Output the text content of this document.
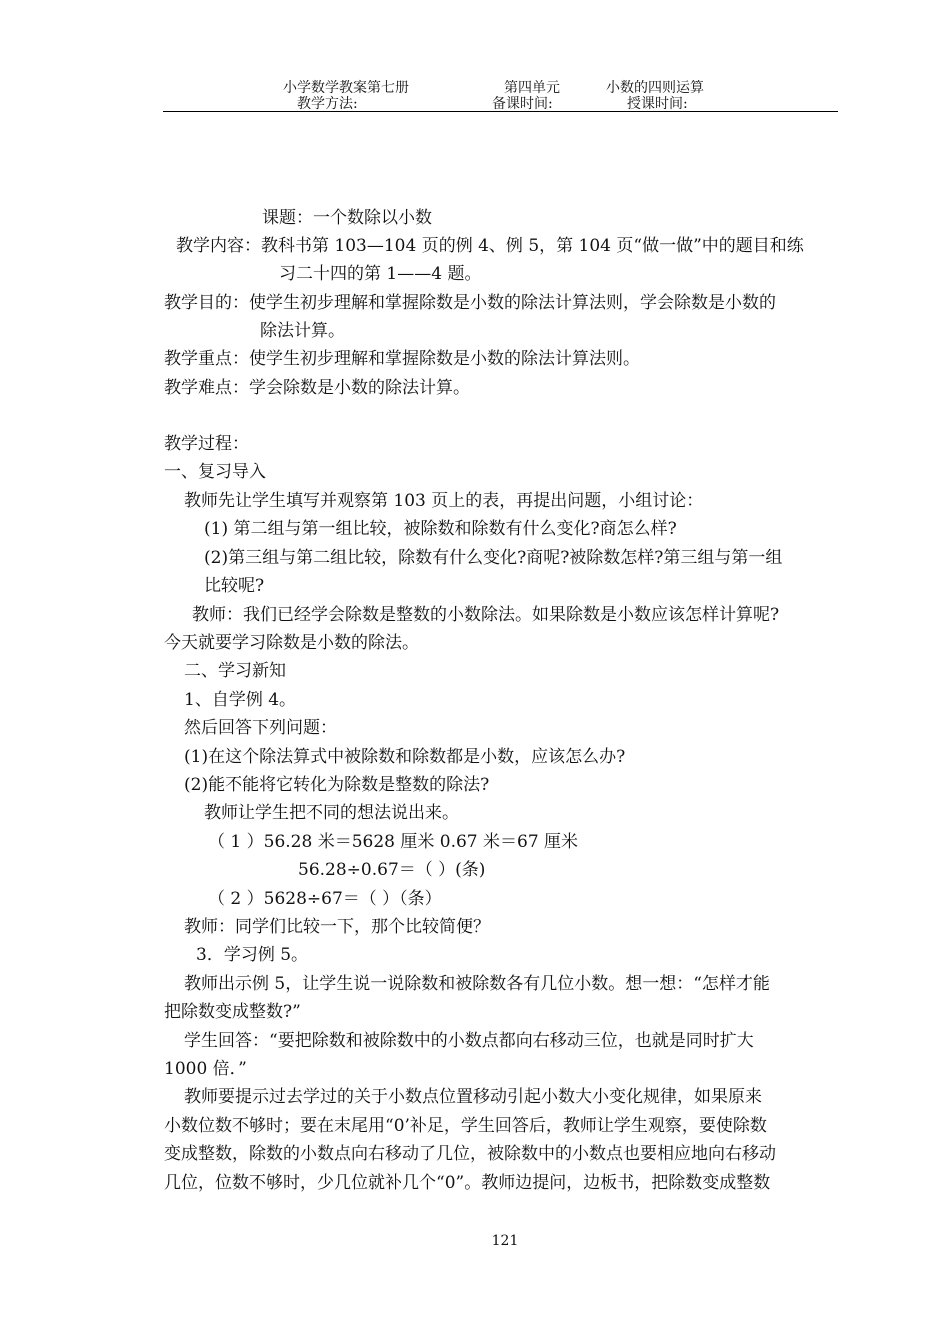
小学数学教案第七册	第四单元	小数的四则运算
教学方法:	备课时间:	授课时间:
课题：一个数除以小数
教学内容：教科书第 103—104 页的例 4、例 5，第 104 页“做一做”中的题目和练
习二十四的第 1——4 题。
教学目的：使学生初步理解和掌握除数是小数的除法计算法则，学会除数是小数的
除法计算。
教学重点：使学生初步理解和掌握除数是小数的除法计算法则。
教学难点：学会除数是小数的除法计算。
教学过程：
一、复习导入
教师先让学生填写并观察第 103 页上的表，再提出问题，小组讨论：
(1) 第二组与第一组比较，被除数和除数有什么变化?商怎么样?
(2)第三组与第二组比较，除数有什么变化?商呢?被除数怎样?第三组与第一组
比较呢?
教师：我们已经学会除数是整数的小数除法。如果除数是小数应该怎样计算呢?
今天就要学习除数是小数的除法。
二、学习新知
1、自学例 4。
然后回答下列问题：
(1)在这个除法算式中被除数和除数都是小数，应该怎么办?
(2)能不能将它转化为除数是整数的除法?
教师让学生把不同的想法说出来。
（ 1 ）56.28 米＝5628 厘米 0.67 米＝67 厘米
56.28÷0.67＝（ ）(条)
（ 2 ）5628÷67＝（ ）（条）
教师：同学们比较一下，那个比较简便？
3．学习例 5。
教师出示例 5，让学生说一说除数和被除数各有几位小数。想一想：“怎样才能
把除数变成整数?”
学生回答：“要把除数和被除数中的小数点都向右移动三位，也就是同时扩大
1000 倍．”
教师要提示过去学过的关于小数点位置移动引起小数大小变化规律，如果原来
小数位数不够时；要在末尾用“0’补足，学生回答后，教师让学生观察，要使除数
变成整数，除数的小数点向右移动了几位，被除数中的小数点也要相应地向右移动
几位，位数不够时，少几位就补几个“0”。教师边提问，边板书，把除数变成整数
121
